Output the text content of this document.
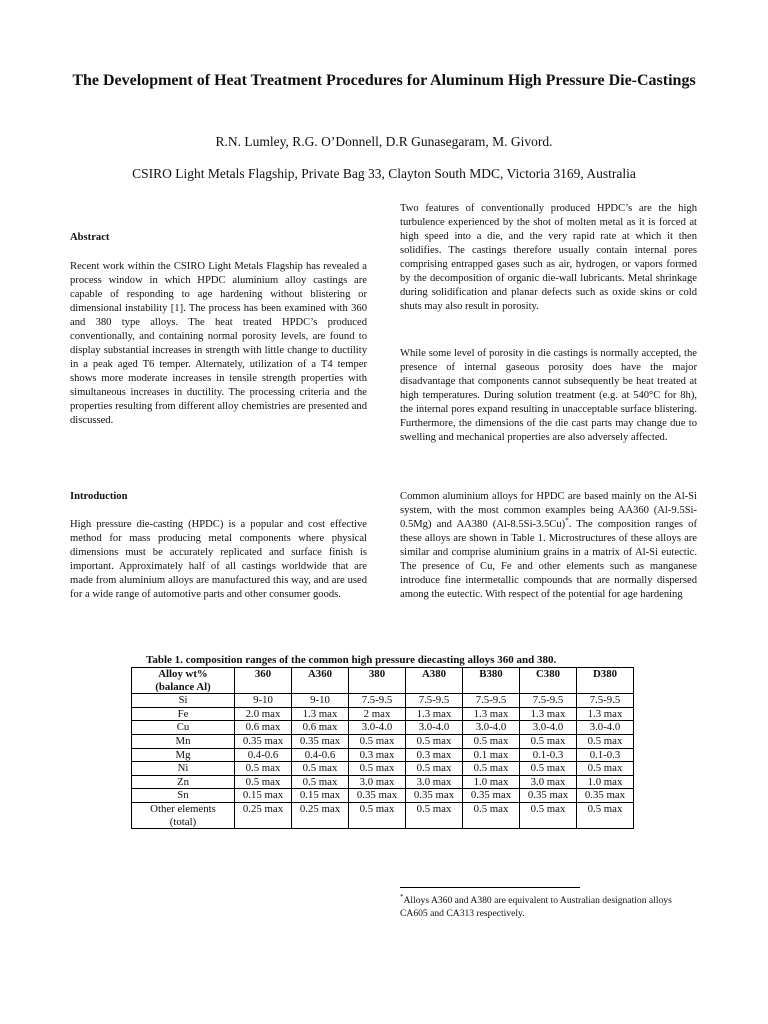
The Development of Heat Treatment Procedures for Aluminum High Pressure Die-Castings
R.N. Lumley, R.G. O’Donnell, D.R Gunasegaram, M. Givord.
CSIRO Light Metals Flagship, Private Bag 33, Clayton South MDC, Victoria 3169, Australia
Abstract
Recent work within the CSIRO Light Metals Flagship has revealed a process window in which HPDC aluminium alloy castings are capable of responding to age hardening without blistering or dimensional instability [1]. The process has been examined with 360 and 380 type alloys. The heat treated HPDC’s produced conventionally, and containing normal porosity levels, are found to display substantial increases in strength with little change to ductility in a peak aged T6 temper. Alternately, utilization of a T4 temper shows more moderate increases in tensile strength properties with simultaneous increases in ductility. The processing criteria and the properties resulting from different alloy chemistries are presented and discussed.
Introduction
High pressure die-casting (HPDC) is a popular and cost effective method for mass producing metal components where physical dimensions must be accurately replicated and surface finish is important. Approximately half of all castings worldwide that are made from aluminium alloys are manufactured this way, and are used for a wide range of automotive parts and other consumer goods.
Two features of conventionally produced HPDC’s are the high turbulence experienced by the shot of molten metal as it is forced at high speed into a die, and the very rapid rate at which it then solidifies. The castings therefore usually contain internal pores comprising entrapped gases such as air, hydrogen, or vapors formed by the decomposition of organic die-wall lubricants. Metal shrinkage during solidification and planar defects such as oxide skins or cold shuts may also result in porosity.
While some level of porosity in die castings is normally accepted, the presence of internal gaseous porosity does have the major disadvantage that components cannot subsequently be heat treated at high temperatures. During solution treatment (e.g. at 540°C for 8h), the internal pores expand resulting in unacceptable surface blistering. Furthermore, the dimensions of the die cast parts may change due to swelling and mechanical properties are also adversely affected.
Common aluminium alloys for HPDC are based mainly on the Al-Si system, with the most common examples being AA360 (Al-9.5Si-0.5Mg) and AA380 (Al-8.5Si-3.5Cu)*. The composition ranges of these alloys are shown in Table 1. Microstructures of these alloys are similar and comprise aluminium grains in a matrix of Al-Si eutectic. The presence of Cu, Fe and other elements such as manganese introduce fine intermetallic compounds that are normally dispersed among the eutectic. With respect of the potential for age hardening
Table 1. composition ranges of the common high pressure diecasting alloys 360 and 380.
Alloy wt%
(balance Al)	360	A360	380	A380	B380	C380	D380
Si	9-10	9-10	7.5-9.5	7.5-9.5	7.5-9.5	7.5-9.5	7.5-9.5
Fe	2.0 max	1.3 max	2 max	1.3 max	1.3 max	1.3 max	1.3 max
Cu	0.6 max	0.6 max	3.0-4.0	3.0-4.0	3.0-4.0	3.0-4.0	3.0-4.0
Mn	0.35 max	0.35 max	0.5 max	0.5 max	0.5 max	0.5 max	0.5 max
Mg	0.4-0.6	0.4-0.6	0.3 max	0.3 max	0.1 max	0.1-0.3	0.1-0.3
Ni	0.5 max	0.5 max	0.5 max	0.5 max	0.5 max	0.5 max	0.5 max
Zn	0.5 max	0.5 max	3.0 max	3.0 max	1.0 max	3.0 max	1.0 max
Sn	0.15 max	0.15 max	0.35 max	0.35 max	0.35 max	0.35 max	0.35 max
Other elements
(total)	0.25 max	0.25 max	0.5 max	0.5 max	0.5 max	0.5 max	0.5 max
*Alloys A360 and A380 are equivalent to Australian designation alloys CA605 and CA313 respectively.
